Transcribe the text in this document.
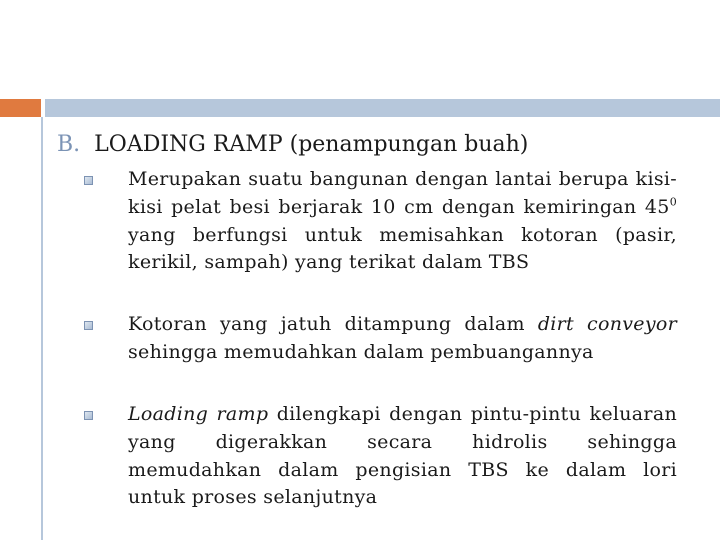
B. LOADING RAMP (penampungan buah)
Merupakan suatu bangunan dengan lantai berupa kisi-kisi pelat besi berjarak 10 cm dengan kemiringan $45^0$ yang berfungsi untuk memisahkan kotoran (pasir, kerikil, sampah) yang terikat dalam TBS
Kotoran yang jatuh ditampung dalam dirt conveyor sehingga memudahkan dalam pembuangannya
Loading ramp dilengkapi dengan pintu-pintu keluaran yang digerakkan secara hidrolis sehingga memudahkan dalam pengisian TBS ke dalam lori untuk proses selanjutnya
